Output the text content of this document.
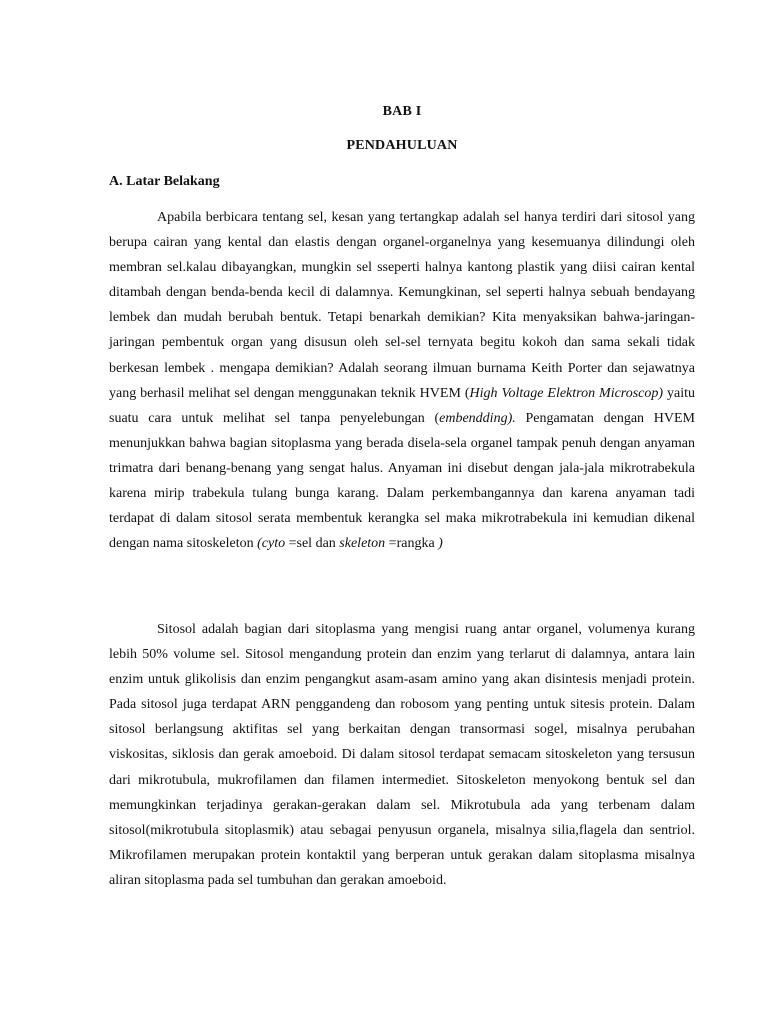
BAB I
PENDAHULUAN
A. Latar Belakang

Apabila berbicara tentang sel, kesan yang tertangkap adalah sel hanya terdiri dari sitosol yang berupa cairan yang kental dan elastis dengan organel-organelnya yang kesemuanya dilindungi oleh membran sel.kalau dibayangkan, mungkin sel sseperti halnya kantong plastik yang diisi cairan kental ditambah dengan benda-benda kecil di dalamnya. Kemungkinan, sel seperti halnya sebuah bendayang lembek dan mudah berubah bentuk. Tetapi benarkah demikian? Kita menyaksikan bahwa-jaringan-jaringan pembentuk organ yang disusun oleh sel-sel ternyata begitu kokoh dan sama sekali tidak berkesan lembek . mengapa demikian? Adalah seorang ilmuan burnama Keith Porter dan sejawatnya yang berhasil melihat sel dengan menggunakan teknik HVEM (High Voltage Elektron Microscop) yaitu suatu cara untuk melihat sel tanpa penyelebungan (embendding). Pengamatan dengan HVEM menunjukkan bahwa bagian sitoplasma yang berada disela-sela organel tampak penuh dengan anyaman trimatra dari benang-benang yang sengat halus. Anyaman ini disebut dengan jala-jala mikrotrabekula karena mirip trabekula tulang bunga karang. Dalam perkembangannya dan karena anyaman tadi terdapat di dalam sitosol serata membentuk kerangka sel maka mikrotrabekula ini kemudian dikenal dengan nama sitoskeleton (cyto =sel dan skeleton =rangka )

Sitosol adalah bagian dari sitoplasma yang mengisi ruang antar organel, volumenya kurang lebih 50% volume sel. Sitosol mengandung protein dan enzim yang terlarut di dalamnya, antara lain enzim untuk glikolisis dan enzim pengangkut asam-asam amino yang akan disintesis menjadi protein. Pada sitosol juga terdapat ARN penggandeng dan robosom yang penting untuk sitesis protein. Dalam sitosol berlangsung aktifitas sel yang berkaitan dengan transormasi sogel, misalnya perubahan viskositas, siklosis dan gerak amoeboid. Di dalam sitosol terdapat semacam sitoskeleton yang tersusun dari mikrotubula, mukrofilamen dan filamen intermediet. Sitoskeleton menyokong bentuk sel dan memungkinkan terjadinya gerakan-gerakan dalam sel. Mikrotubula ada yang terbenam dalam sitosol(mikrotubula sitoplasmik) atau sebagai penyusun organela, misalnya silia,flagela dan sentriol. Mikrofilamen merupakan protein kontaktil yang berperan untuk gerakan dalam sitoplasma misalnya aliran sitoplasma pada sel tumbuhan dan gerakan amoeboid.
